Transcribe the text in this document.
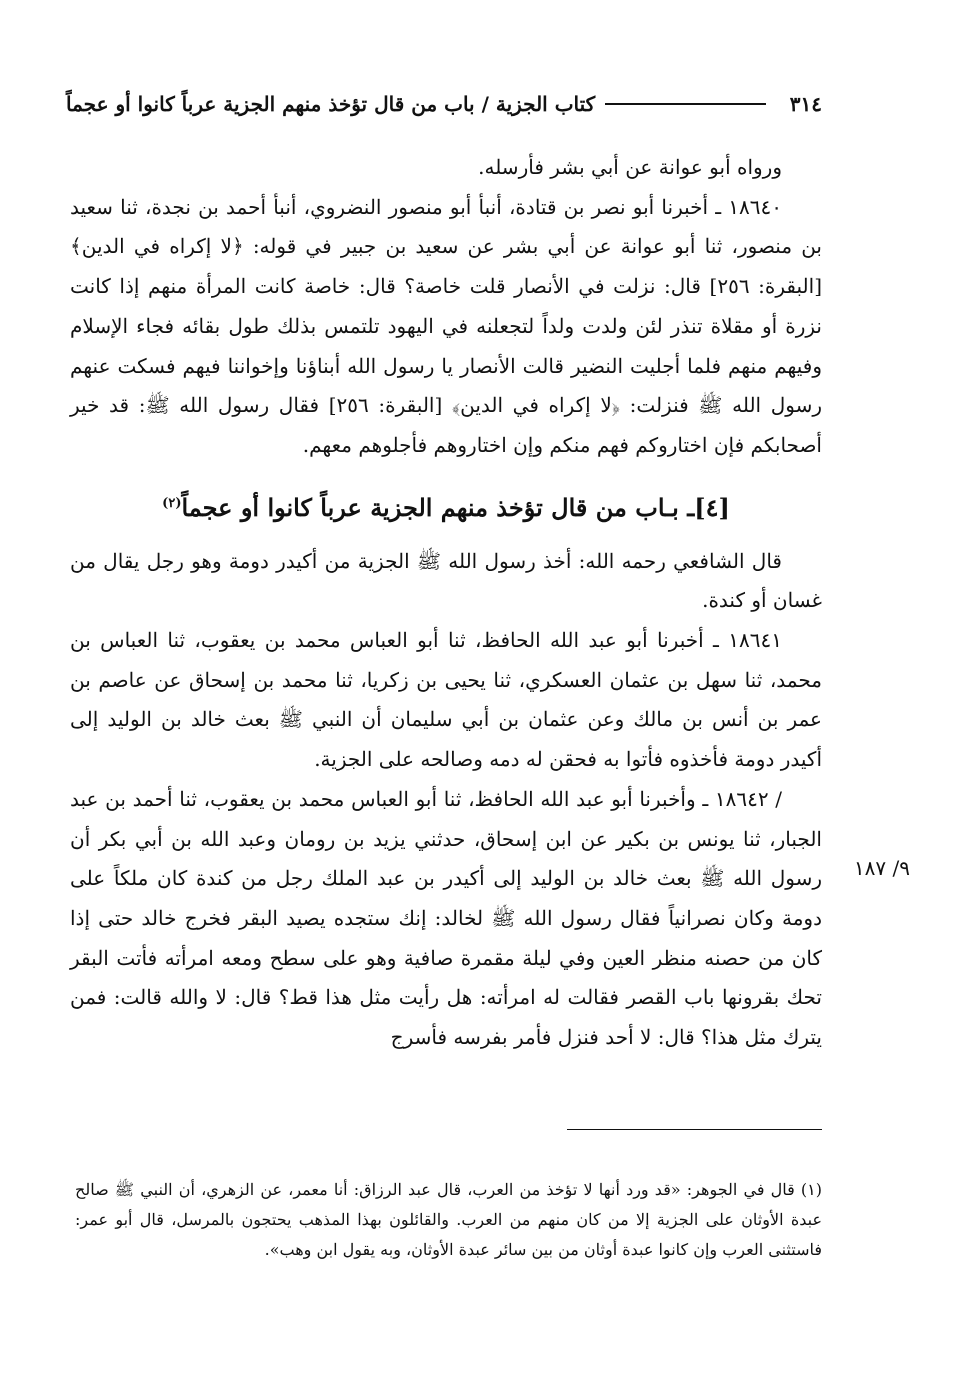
٣١٤
كتاب الجزية / باب من قال تؤخذ منهم الجزية عرباً كانوا أو عجماً

ورواه أبو عوانة عن أبي بشر فأرسله.

١٨٦٤٠ ـ أخبرنا أبو نصر بن قتادة، أنبأ أبو منصور النضروي، أنبأ أحمد بن نجدة، ثنا سعيد بن منصور، ثنا أبو عوانة عن أبي بشر عن سعيد بن جبير في قوله: ﴿لا إكراه في الدين﴾ [البقرة: ٢٥٦] قال: نزلت في الأنصار قلت خاصة؟ قال: خاصة كانت المرأة منهم إذا كانت نزرة أو مقلاة تنذر لئن ولدت ولداً لتجعلنه في اليهود تلتمس بذلك طول بقائه فجاء الإسلام وفيهم منهم فلما أجليت النضير قالت الأنصار يا رسول الله أبناؤنا وإخواننا فيهم فسكت عنهم رسول الله ﷺ فنزلت: ﴿لا إكراه في الدين﴾ [البقرة: ٢٥٦] فقال رسول الله ﷺ: قد خير أصحابكم فإن اختاروكم فهم منكم وإن اختاروهم فأجلوهم معهم.

[٤]ـ بـاب من قال تؤخذ منهم الجزية عرباً كانوا أو عجماً$^{(٢)}$

قال الشافعي رحمه الله: أخذ رسول الله ﷺ الجزية من أكيدر دومة وهو رجل يقال من غسان أو كندة.

١٨٦٤١ ـ أخبرنا أبو عبد الله الحافظ، ثنا أبو العباس محمد بن يعقوب، ثنا العباس بن محمد، ثنا سهل بن عثمان العسكري، ثنا يحيى بن زكريا، ثنا محمد بن إسحاق عن عاصم بن عمر بن أنس بن مالك وعن عثمان بن أبي سليمان أن النبي ﷺ بعث خالد بن الوليد إلى أكيدر دومة فأخذوه فأتوا به فحقن له دمه وصالحه على الجزية.

/ ١٨٦٤٢ ـ وأخبرنا أبو عبد الله الحافظ، ثنا أبو العباس محمد بن يعقوب، ثنا أحمد بن عبد الجبار، ثنا يونس بن بكير عن ابن إسحاق، حدثني يزيد بن رومان وعبد الله بن أبي بكر أن رسول الله ﷺ بعث خالد بن الوليد إلى أكيدر بن عبد الملك رجل من كندة كان ملكاً على دومة وكان نصرانياً فقال رسول الله ﷺ لخالد: إنك ستجده يصيد البقر فخرج خالد حتى إذا كان من حصنه منظر العين وفي ليلة مقمرة صافية وهو على سطح ومعه امرأته فأتت البقر تحك بقرونها باب القصر فقالت له امرأته: هل رأيت مثل هذا قط؟ قال: لا والله قالت: فمن يترك مثل هذا؟ قال: لا أحد فنزل فأمر بفرسه فأسرج

٩/ ١٨٧

(١) قال في الجوهر: «قد ورد أنها لا تؤخذ من العرب، قال عبد الرزاق: أنا معمر، عن الزهري، أن النبي ﷺ صالح عبدة الأوثان على الجزية إلا من كان منهم من العرب. والقائلون بهذا المذهب يحتجون بالمرسل، قال أبو عمر: فاستثنى العرب وإن كانوا عبدة أوثان من بين سائر عبدة الأوثان، وبه يقول ابن وهب».
